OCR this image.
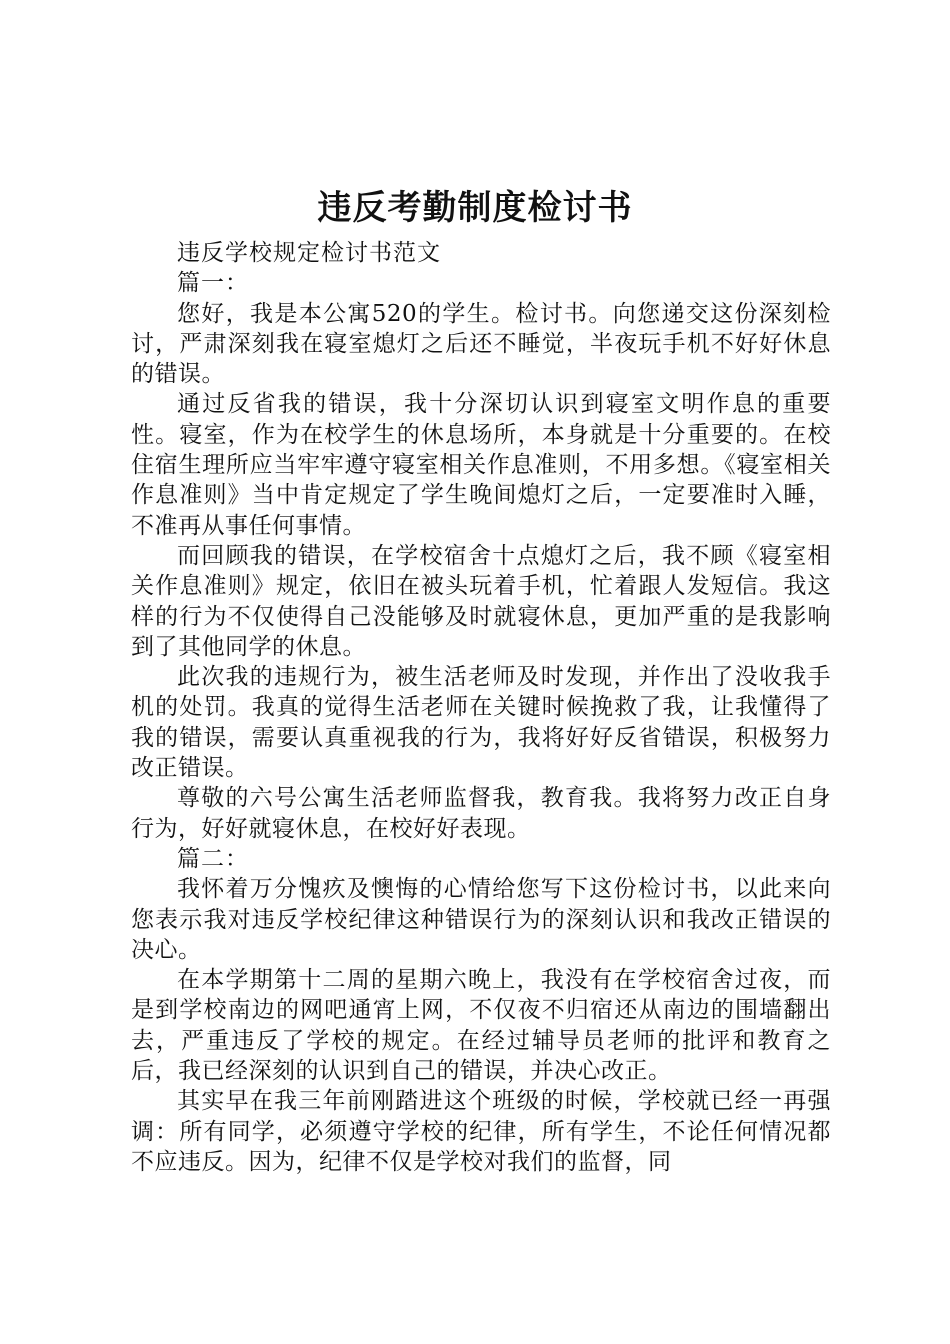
违反考勤制度检讨书

违反学校规定检讨书范文

篇一：

您好，我是本公寓520的学生。检讨书。向您递交这份深刻检讨，严肃深刻我在寝室熄灯之后还不睡觉，半夜玩手机不好好休息的错误。

通过反省我的错误，我十分深切认识到寝室文明作息的重要性。寝室，作为在校学生的休息场所，本身就是十分重要的。在校住宿生理所应当牢牢遵守寝室相关作息准则，不用多想。《寝室相关作息准则》当中肯定规定了学生晚间熄灯之后，一定要准时入睡，不准再从事任何事情。

而回顾我的错误，在学校宿舍十点熄灯之后，我不顾《寝室相关作息准则》规定，依旧在被头玩着手机，忙着跟人发短信。我这样的行为不仅使得自己没能够及时就寝休息，更加严重的是我影响到了其他同学的休息。

此次我的违规行为，被生活老师及时发现，并作出了没收我手机的处罚。我真的觉得生活老师在关键时候挽救了我，让我懂得了我的错误，需要认真重视我的行为，我将好好反省错误，积极努力改正错误。

尊敬的六号公寓生活老师监督我，教育我。我将努力改正自身行为，好好就寝休息，在校好好表现。

篇二：

我怀着万分愧疚及懊悔的心情给您写下这份检讨书，以此来向您表示我对违反学校纪律这种错误行为的深刻认识和我改正错误的决心。

在本学期第十二周的星期六晚上，我没有在学校宿舍过夜，而是到学校南边的网吧通宵上网，不仅夜不归宿还从南边的围墙翻出去，严重违反了学校的规定。在经过辅导员老师的批评和教育之后，我已经深刻的认识到自己的错误，并决心改正。

其实早在我三年前刚踏进这个班级的时候，学校就已经一再强调：所有同学，必须遵守学校的纪律，所有学生，不论任何情况都不应违反。因为，纪律不仅是学校对我们的监督，同
